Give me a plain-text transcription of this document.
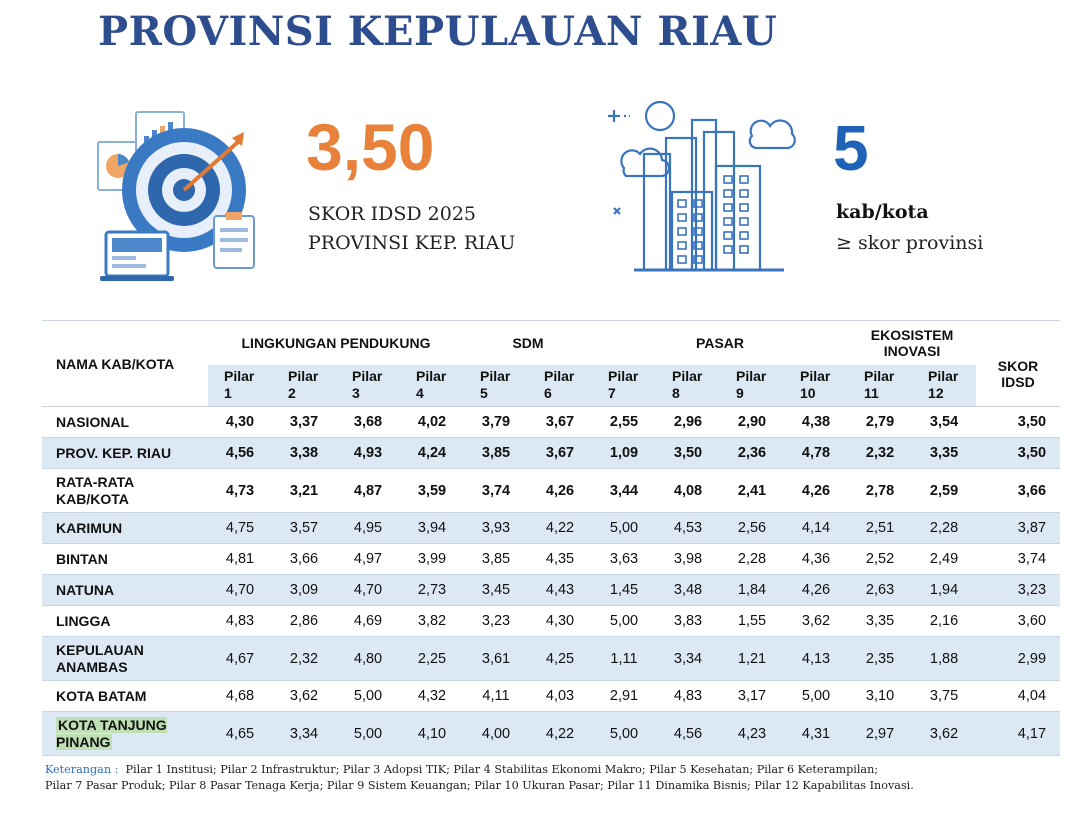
PROVINSI KEPULAUAN RIAU
3,50
SKOR IDSD 2025
PROVINSI KEP. RIAU
5
kab/kota
≥ skor provinsi
NAMA KAB/KOTA	LINGKUNGAN PENDUKUNG				SDM		PASAR				EKOSISTEM
INOVASI		SKOR
IDSD
	Pilar
1	Pilar
2	Pilar
3	Pilar
4	Pilar
5	Pilar
6	Pilar
7	Pilar
8	Pilar
9	Pilar
10	Pilar
11	Pilar
12	
NASIONAL	4,30	3,37	3,68	4,02	3,79	3,67	2,55	2,96	2,90	4,38	2,79	3,54	3,50
PROV. KEP. RIAU	4,56	3,38	4,93	4,24	3,85	3,67	1,09	3,50	2,36	4,78	2,32	3,35	3,50
RATA-RATA
KAB/KOTA	4,73	3,21	4,87	3,59	3,74	4,26	3,44	4,08	2,41	4,26	2,78	2,59	3,66
KARIMUN	4,75	3,57	4,95	3,94	3,93	4,22	5,00	4,53	2,56	4,14	2,51	2,28	3,87
BINTAN	4,81	3,66	4,97	3,99	3,85	4,35	3,63	3,98	2,28	4,36	2,52	2,49	3,74
NATUNA	4,70	3,09	4,70	2,73	3,45	4,43	1,45	3,48	1,84	4,26	2,63	1,94	3,23
LINGGA	4,83	2,86	4,69	3,82	3,23	4,30	5,00	3,83	1,55	3,62	3,35	2,16	3,60
KEPULAUAN
ANAMBAS	4,67	2,32	4,80	2,25	3,61	4,25	1,11	3,34	1,21	4,13	2,35	1,88	2,99
KOTA BATAM	4,68	3,62	5,00	4,32	4,11	4,03	2,91	4,83	3,17	5,00	3,10	3,75	4,04
KOTA TANJUNG
PINANG	4,65	3,34	5,00	4,10	4,00	4,22	5,00	4,56	4,23	4,31	2,97	3,62	4,17
Keterangan : Pilar 1 Institusi; Pilar 2 Infrastruktur; Pilar 3 Adopsi TIK; Pilar 4 Stabilitas Ekonomi Makro; Pilar 5 Kesehatan; Pilar 6 Keterampilan;
Pilar 7 Pasar Produk; Pilar 8 Pasar Tenaga Kerja; Pilar 9 Sistem Keuangan; Pilar 10 Ukuran Pasar; Pilar 11 Dinamika Bisnis; Pilar 12 Kapabilitas Inovasi.
